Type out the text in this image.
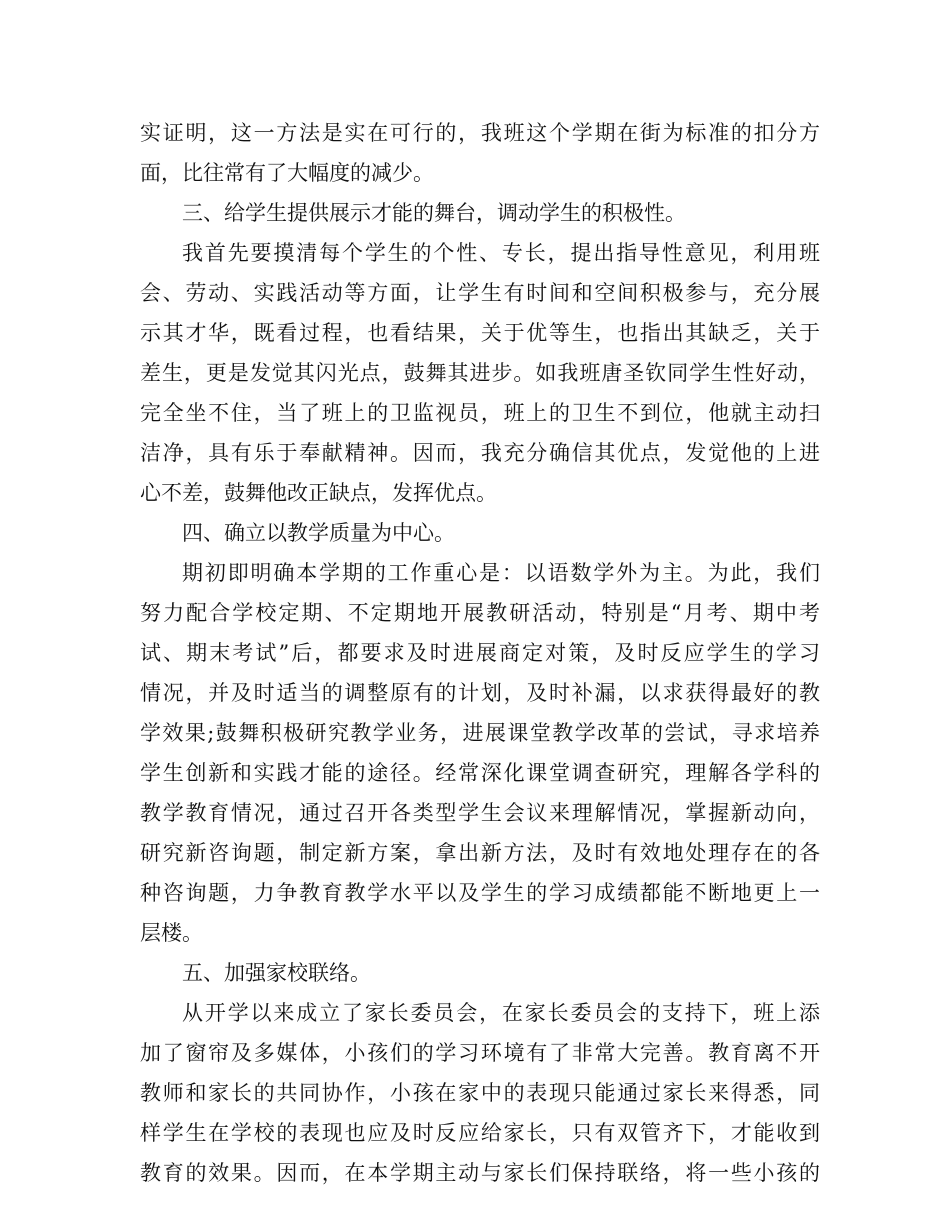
实证明，这一方法是实在可行的，我班这个学期在街为标准的扣分方
面，比往常有了大幅度的减少。
三、给学生提供展示才能的舞台，调动学生的积极性。
我首先要摸清每个学生的个性、专长，提出指导性意见，利用班
会、劳动、实践活动等方面，让学生有时间和空间积极参与，充分展
示其才华，既看过程，也看结果，关于优等生，也指出其缺乏，关于
差生，更是发觉其闪光点，鼓舞其进步。如我班唐圣钦同学生性好动，
完全坐不住，当了班上的卫监视员，班上的卫生不到位，他就主动扫
洁净，具有乐于奉献精神。因而，我充分确信其优点，发觉他的上进
心不差，鼓舞他改正缺点，发挥优点。
四、确立以教学质量为中心。
期初即明确本学期的工作重心是：以语数学外为主。为此，我们
努力配合学校定期、不定期地开展教研活动，特别是“月考、期中考
试、期末考试”后，都要求及时进展商定对策，及时反应学生的学习
情况，并及时适当的调整原有的计划，及时补漏，以求获得最好的教
学效果;鼓舞积极研究教学业务，进展课堂教学改革的尝试，寻求培养
学生创新和实践才能的途径。经常深化课堂调查研究，理解各学科的
教学教育情况，通过召开各类型学生会议来理解情况，掌握新动向，
研究新咨询题，制定新方案，拿出新方法，及时有效地处理存在的各
种咨询题，力争教育教学水平以及学生的学习成绩都能不断地更上一
层楼。
五、加强家校联络。
从开学以来成立了家长委员会，在家长委员会的支持下，班上添
加了窗帘及多媒体，小孩们的学习环境有了非常大完善。教育离不开
教师和家长的共同协作，小孩在家中的表现只能通过家长来得悉，同
样学生在学校的表现也应及时反应给家长，只有双管齐下，才能收到
教育的效果。因而，在本学期主动与家长们保持联络，将一些小孩的
